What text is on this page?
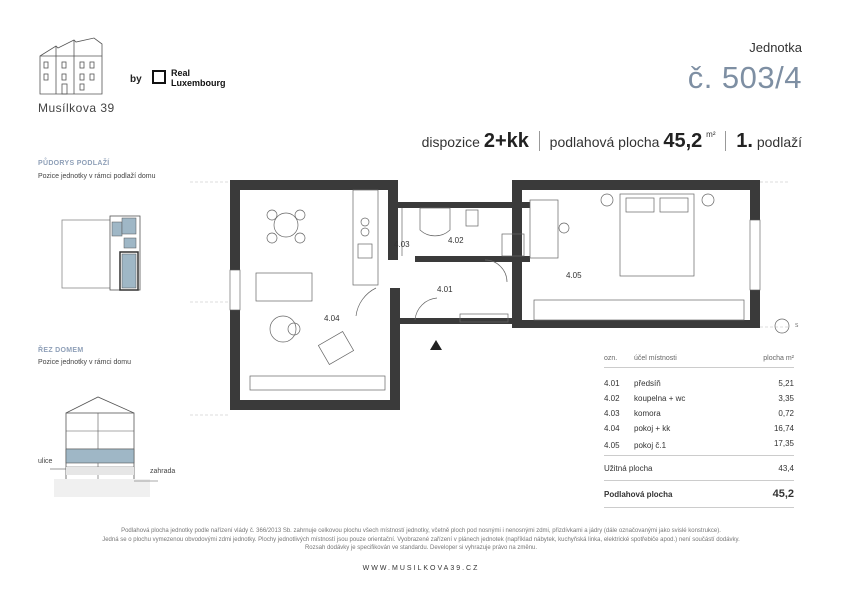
Musílkova 39
by
Real
Luxembourg
Jednotka
č. 503/4
dispozice 2+kk podlahová plocha 45,2 $^{m^2}$ 1. podlaží
PŮDORYS PODLAŽÍ
Pozice jednotky v rámci podlaží domu
ŘEZ DOMEM
Pozice jednotky v rámci domu
ulice
zahrada
4.01
4.02
4.03
4.04
4.05
S
ozn.	účel místnosti	plocha m²

4.01	předsíň	5,21
4.02	koupelna + wc	3,35
4.03	komora	0,72
4.04	pokoj + kk	16,74
4.05	pokoj č.1	17,35
Užitná plocha		43,4
Podlahová plocha		45,2
Podlahová plocha jednotky podle nařízení vlády č. 366/2013 Sb. zahrnuje celkovou plochu všech místností jednotky, včetně ploch pod nosnými i nenosnými zdmi, přizdívkami a jádry (dále označovanými jako svislé konstrukce).
Jedná se o plochu vymezenou obvodovými zdmi jednotky. Plochy jednotlivých místností jsou pouze orientační. Vyobrazené zařízení v plánech jednotek (například nábytek, kuchyňská linka, elektrické spotřebiče apod.) není součástí dodávky.
Rozsah dodávky je specifikován ve standardu. Developer si vyhrazuje právo na změnu.
WWW.MUSILKOVA39.CZ
